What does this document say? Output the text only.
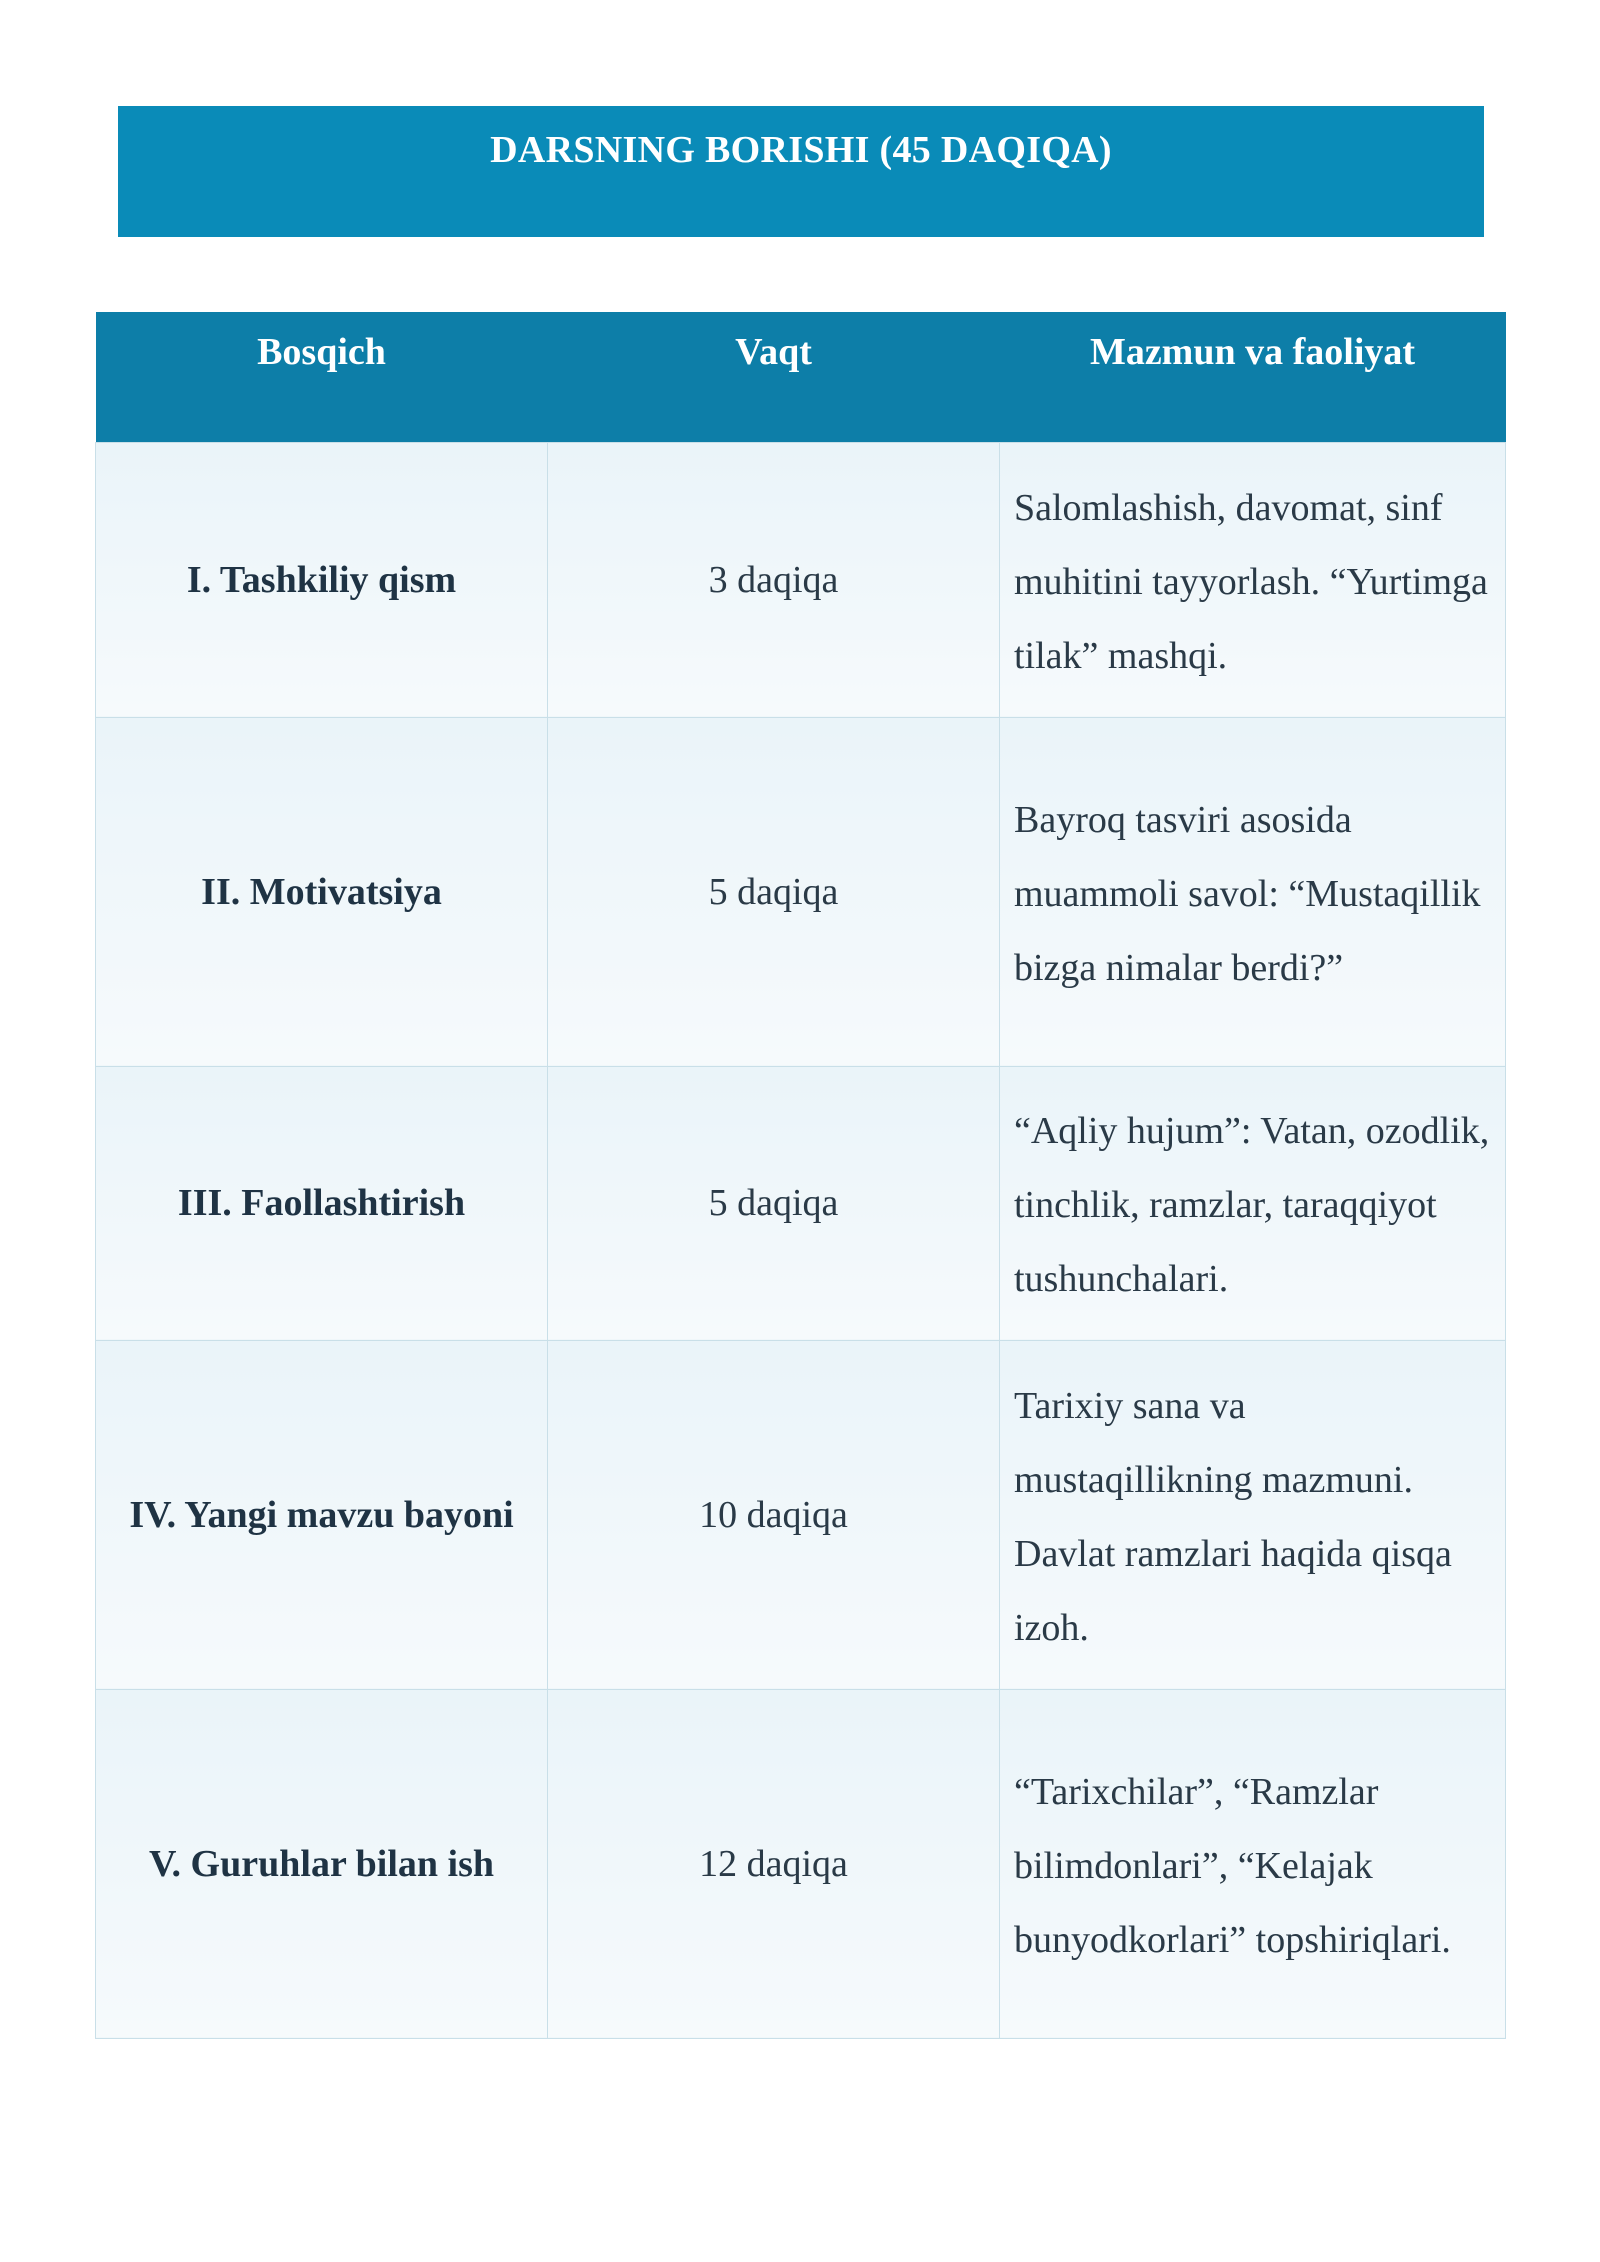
DARSNING BORISHI (45 DAQIQA)
Bosqich	Vaqt	Mazmun va faoliyat
I. Tashkiliy qism	3 daqiqa	Salomlashish, davomat, sinf muhitini tayyorlash. “Yurtimga tilak” mashqi.

II. Motivatsiya	5 daqiqa	Bayroq tasviri asosida muammoli savol: “Mustaqillik bizga nimalar berdi?”

III. Faollashtirish	5 daqiqa	“Aqliy hujum”: Vatan, ozodlik, tinchlik, ramzlar, taraqqiyot tushunchalari.

IV. Yangi mavzu bayoni	10 daqiqa	Tarixiy sana va mustaqillikning mazmuni. Davlat ramzlari haqida qisqa izoh.

V. Guruhlar bilan ish	12 daqiqa	“Tarixchilar”, “Ramzlar bilimdonlari”, “Kelajak bunyodkorlari” topshiriqlari.
